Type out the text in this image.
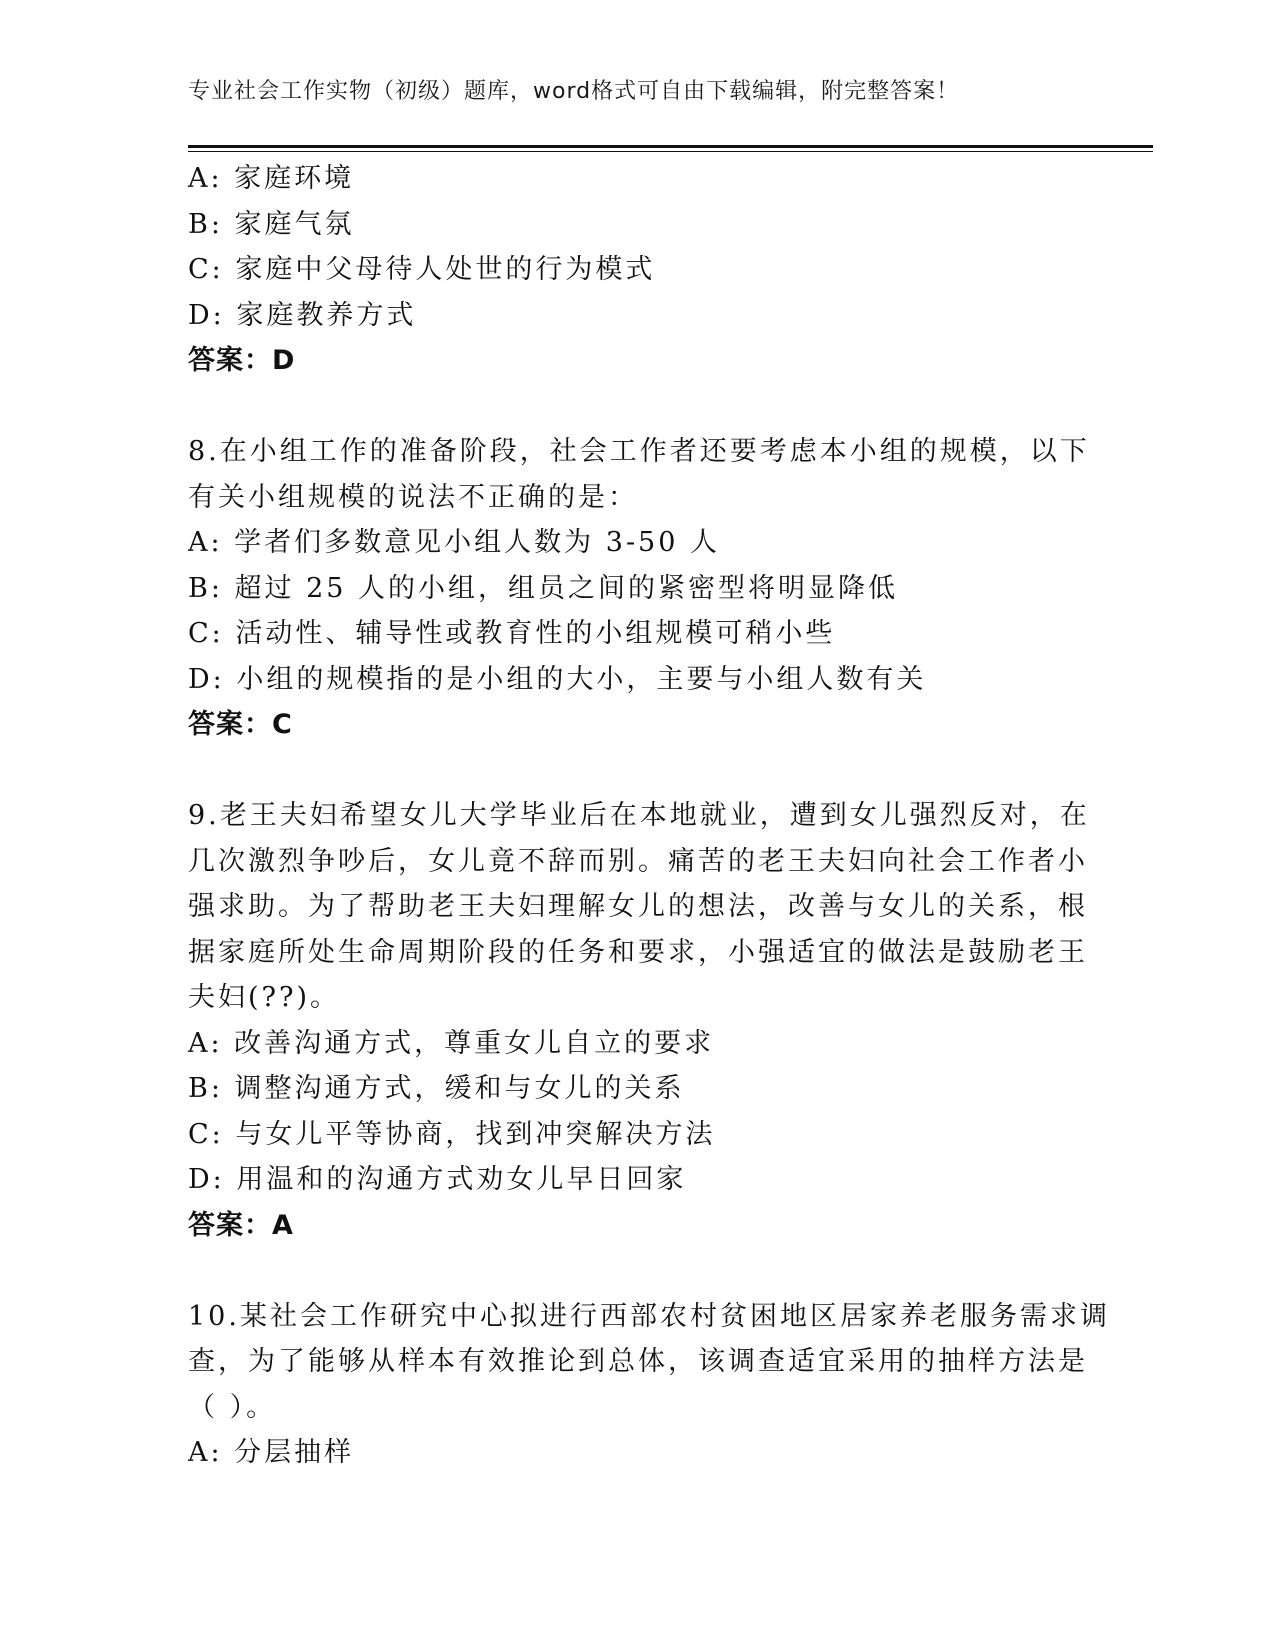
专业社会工作实物（初级）题库，word格式可自由下载编辑，附完整答案！
A: 家庭环境
B: 家庭气氛
C: 家庭中父母待人处世的行为模式
D: 家庭教养方式
答案：D
8.在小组工作的准备阶段，社会工作者还要考虑本小组的规模，以下
有关小组规模的说法不正确的是：
A: 学者们多数意见小组人数为 3-50 人
B: 超过 25 人的小组，组员之间的紧密型将明显降低
C: 活动性、辅导性或教育性的小组规模可稍小些
D: 小组的规模指的是小组的大小，主要与小组人数有关
答案：C
9.老王夫妇希望女儿大学毕业后在本地就业，遭到女儿强烈反对，在
几次激烈争吵后，女儿竟不辞而别。痛苦的老王夫妇向社会工作者小
强求助。为了帮助老王夫妇理解女儿的想法，改善与女儿的关系，根
据家庭所处生命周期阶段的任务和要求，小强适宜的做法是鼓励老王
夫妇(??)。
A: 改善沟通方式，尊重女儿自立的要求
B: 调整沟通方式，缓和与女儿的关系
C: 与女儿平等协商，找到冲突解决方法
D: 用温和的沟通方式劝女儿早日回家
答案：A
10.某社会工作研究中心拟进行西部农村贫困地区居家养老服务需求调
查，为了能够从样本有效推论到总体，该调查适宜采用的抽样方法是
（ ）。
A: 分层抽样
